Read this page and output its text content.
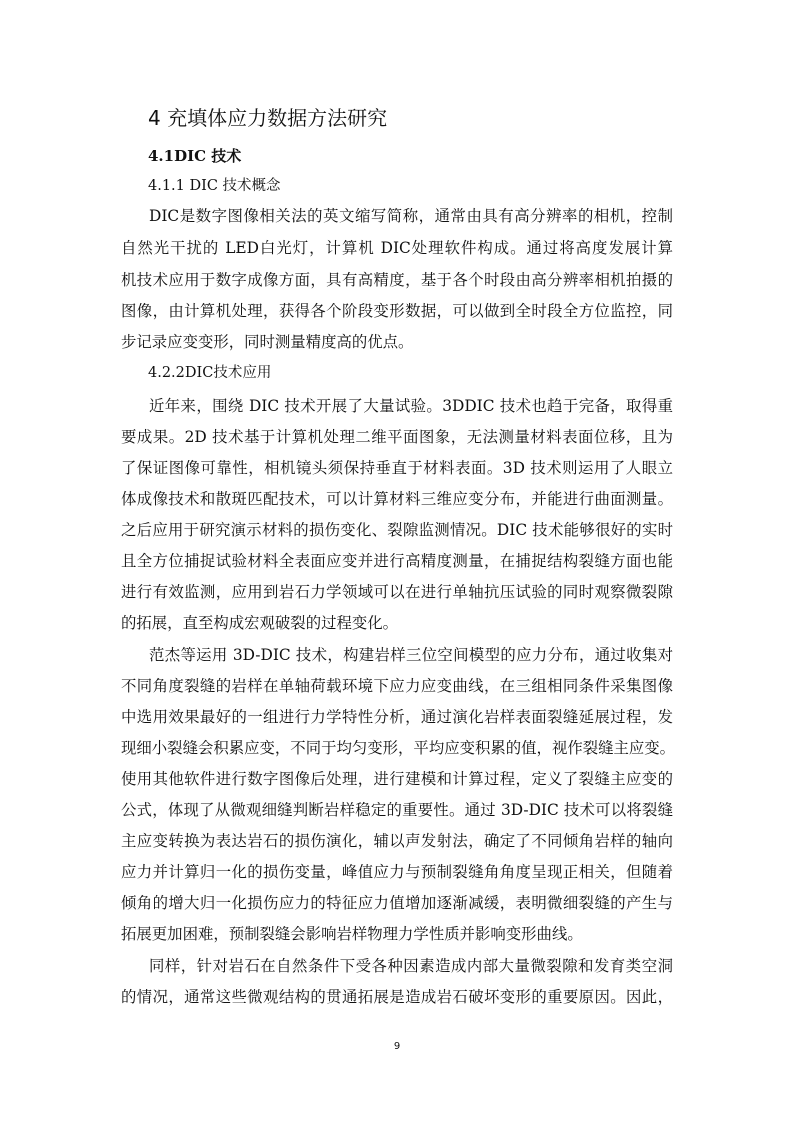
4 充填体应力数据方法研究
4.1DIC 技术
4.1.1 DIC 技术概念
DIC是数字图像相关法的英文缩写简称，通常由具有高分辨率的相机，控制
自然光干扰的 LED白光灯，计算机 DIC处理软件构成。通过将高度发展计算
机技术应用于数字成像方面，具有高精度，基于各个时段由高分辨率相机拍摄的
图像，由计算机处理，获得各个阶段变形数据，可以做到全时段全方位监控，同
步记录应变变形，同时测量精度高的优点。
4.2.2DIC技术应用
近年来，围绕 DIC 技术开展了大量试验。3DDIC 技术也趋于完备，取得重
要成果。2D 技术基于计算机处理二维平面图象，无法测量材料表面位移，且为
了保证图像可靠性，相机镜头须保持垂直于材料表面。3D 技术则运用了人眼立
体成像技术和散斑匹配技术，可以计算材料三维应变分布，并能进行曲面测量。
之后应用于研究演示材料的损伤变化、裂隙监测情况。DIC 技术能够很好的实时
且全方位捕捉试验材料全表面应变并进行高精度测量，在捕捉结构裂缝方面也能
进行有效监测，应用到岩石力学领域可以在进行单轴抗压试验的同时观察微裂隙
的拓展，直至构成宏观破裂的过程变化。
范杰等运用 3D-DIC 技术，构建岩样三位空间模型的应力分布，通过收集对
不同角度裂缝的岩样在单轴荷载环境下应力应变曲线，在三组相同条件采集图像
中选用效果最好的一组进行力学特性分析，通过演化岩样表面裂缝延展过程，发
现细小裂缝会积累应变，不同于均匀变形，平均应变积累的值，视作裂缝主应变。
使用其他软件进行数字图像后处理，进行建模和计算过程，定义了裂缝主应变的
公式，体现了从微观细缝判断岩样稳定的重要性。通过 3D-DIC 技术可以将裂缝
主应变转换为表达岩石的损伤演化，辅以声发射法，确定了不同倾角岩样的轴向
应力并计算归一化的损伤变量，峰值应力与预制裂缝角角度呈现正相关，但随着
倾角的增大归一化损伤应力的特征应力值增加逐渐减缓，表明微细裂缝的产生与
拓展更加困难，预制裂缝会影响岩样物理力学性质并影响变形曲线。
同样，针对岩石在自然条件下受各种因素造成内部大量微裂隙和发育类空洞
的情况，通常这些微观结构的贯通拓展是造成岩石破坏变形的重要原因。因此，
9
